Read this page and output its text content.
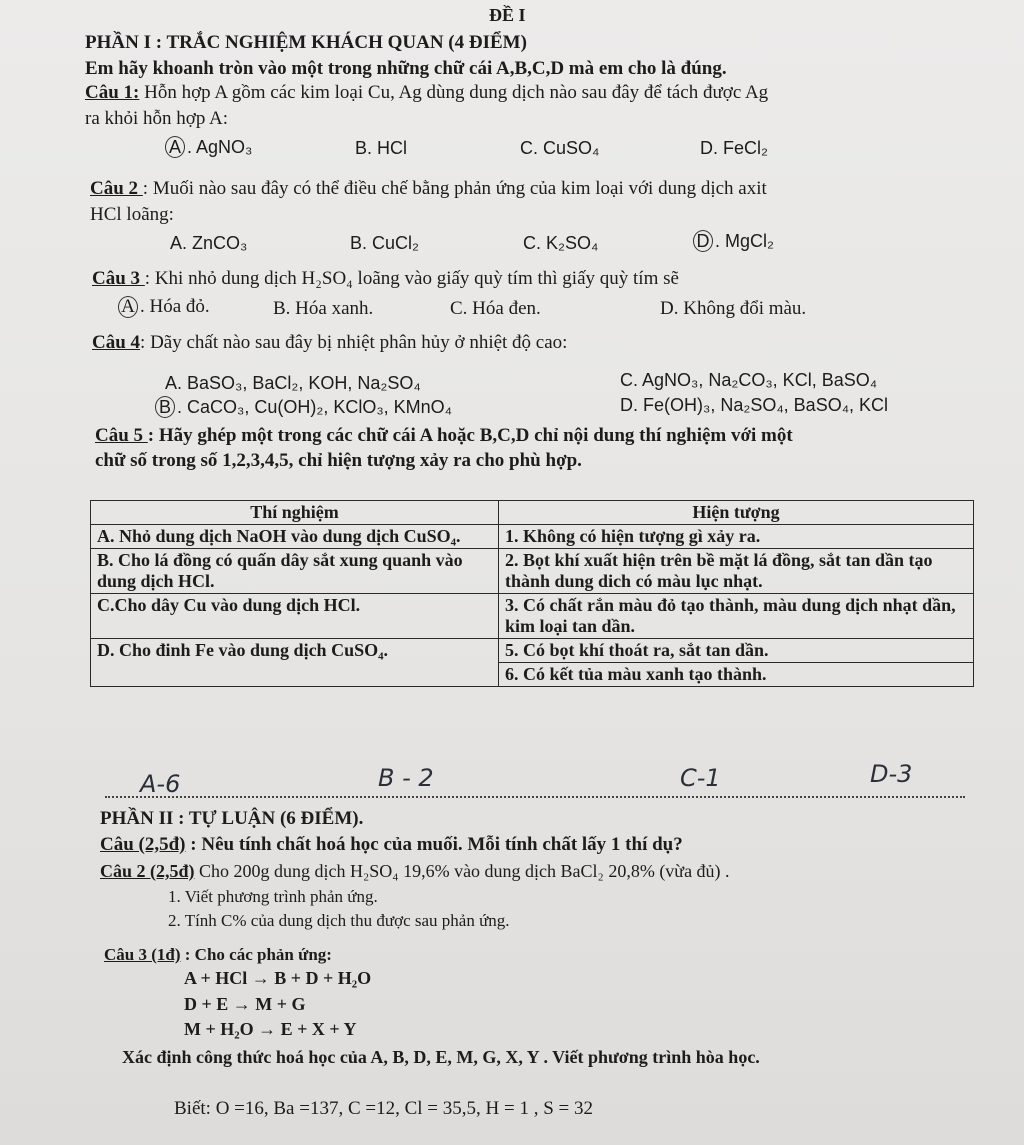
ĐỀ I
PHẦN I : TRẮC NGHIỆM KHÁCH QUAN (4 ĐIỂM)
Em hãy khoanh tròn vào một trong những chữ cái A,B,C,D mà em cho là đúng.
Câu 1: Hỗn hợp A gồm các kim loại Cu, Ag dùng dung dịch nào sau đây để tách được Ag
ra khỏi hỗn hợp A:
A . AgNO₃	B. HCl	C. CuSO₄	D. FeCl₂
Câu 2 : Muối nào sau đây có thể điều chế bằng phản ứng của kim loại với dung dịch axit
HCl loãng:
A. ZnCO₃	B. CuCl₂	C. K₂SO₄	D . MgCl₂
Câu 3 : Khi nhỏ dung dịch H₂SO₄ loãng vào giấy quỳ tím thì giấy quỳ tím sẽ
A . Hóa đỏ.	B. Hóa xanh.	C. Hóa đen.	D. Không đổi màu.
Câu 4: Dãy chất nào sau đây bị nhiệt phân hủy ở nhiệt độ cao:
A. BaSO₃, BaCl₂, KOH, Na₂SO₄	C. AgNO₃, Na₂CO₃, KCl, BaSO₄
B . CaCO₃, Cu(OH)₂, KClO₃, KMnO₄	D. Fe(OH)₃, Na₂SO₄, BaSO₄, KCl
Câu 5 : Hãy ghép một trong các chữ cái A hoặc B,C,D chỉ nội dung thí nghiệm với một
chữ số trong số 1,2,3,4,5, chỉ hiện tượng xảy ra cho phù hợp.
Thí nghiệm	Hiện tượng
A. Nhỏ dung dịch NaOH vào dung dịch CuSO₄.	1. Không có hiện tượng gì xảy ra.
B. Cho lá đồng có quấn dây sắt xung quanh vào dung dịch HCl.	2. Bọt khí xuất hiện trên bề mặt lá đồng, sắt tan dần tạo thành dung dich có màu lục nhạt.
C.Cho dây Cu vào dung dịch HCl.	3. Có chất rắn màu đỏ tạo thành, màu dung dịch nhạt dần, kim loại tan dần.
D. Cho đinh Fe vào dung dịch CuSO₄.	5. Có bọt khí thoát ra, sắt tan dần.
	6. Có kết tủa màu xanh tạo thành.
A-6	B - 2	C-1	D-3
PHẦN II : TỰ LUẬN (6 ĐIỂM).
Câu (2,5đ) : Nêu tính chất hoá học của muối. Mỗi tính chất lấy 1 thí dụ?
Câu 2 (2,5đ) Cho 200g dung dịch H₂SO₄ 19,6% vào dung dịch BaCl₂ 20,8% (vừa đủ) .
1. Viết phương trình phản ứng.
2. Tính C% của dung dịch thu được sau phản ứng.
Câu 3 (1đ) : Cho các phản ứng:
A + HCl → B + D + H₂O
D + E → M + G
M + H₂O → E + X + Y
Xác định công thức hoá học của A, B, D, E, M, G, X, Y . Viết phương trình hòa học.
Biết: O =16, Ba =137, C =12, Cl = 35,5, H = 1 , S = 32
